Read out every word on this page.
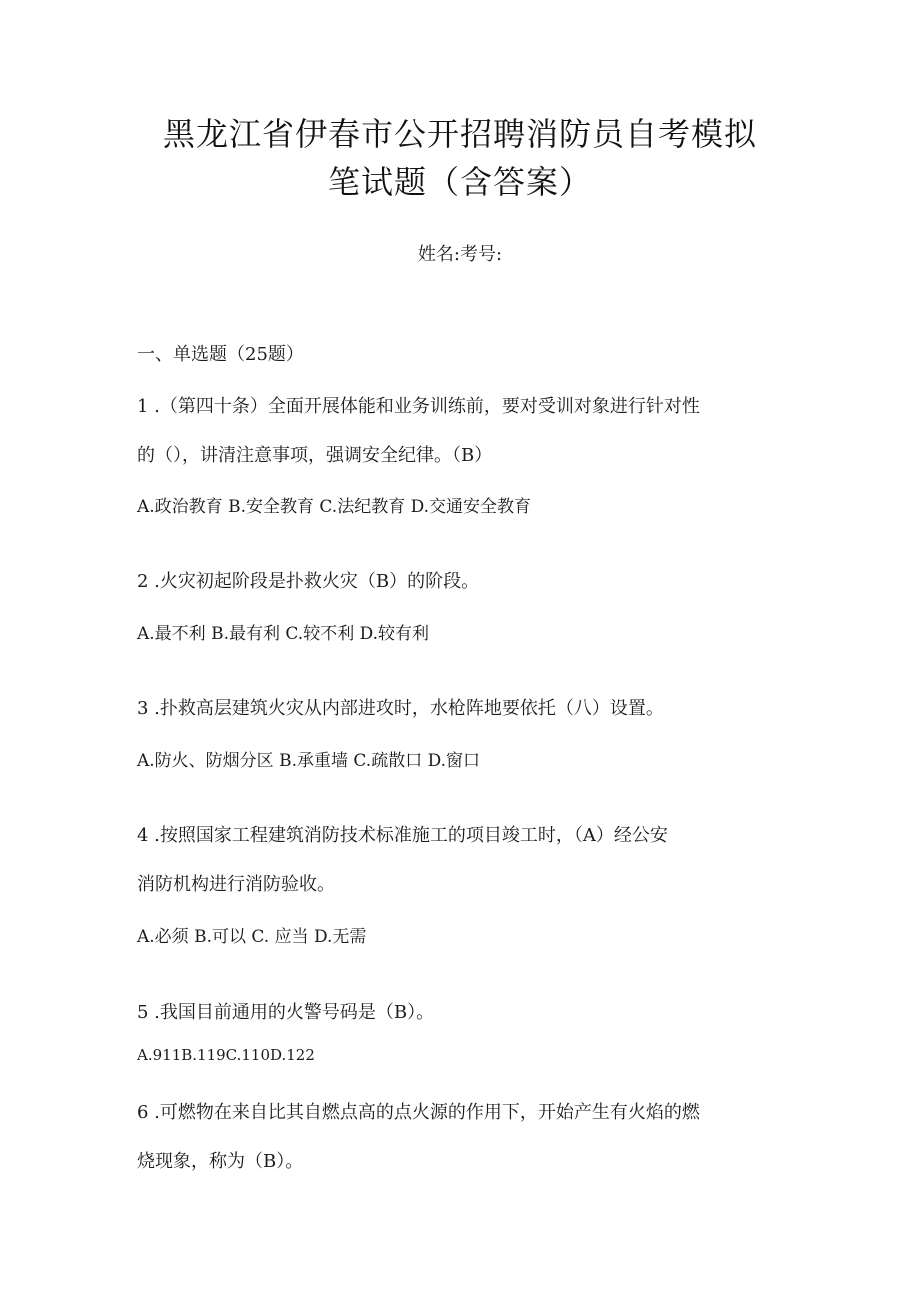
黑龙江省伊春市公开招聘消防员自考模拟
笔试题（含答案）
姓名:考号:
一、单选题（25题）
1 .（第四十条）全面开展体能和业务训练前，要对受训对象进行针对性
的（），讲清注意事项，强调安全纪律。（B）
A.政治教育 B.安全教育 C.法纪教育 D.交通安全教育
2 .火灾初起阶段是扑救火灾（B）的阶段。
A.最不利 B.最有利 C.较不利 D.较有利
3 .扑救高层建筑火灾从内部进攻时，水枪阵地要依托（八）设置。
A.防火、防烟分区 B.承重墙 C.疏散口 D.窗口
4 .按照国家工程建筑消防技术标准施工的项目竣工时，（A）经公安
消防机构进行消防验收。
A.必须 B.可以 C. 应当 D.无需
5 .我国目前通用的火警号码是（B）。
A.911B.119C.110D.122
6 .可燃物在来自比其自燃点高的点火源的作用下，开始产生有火焰的燃
烧现象，称为（B）。
